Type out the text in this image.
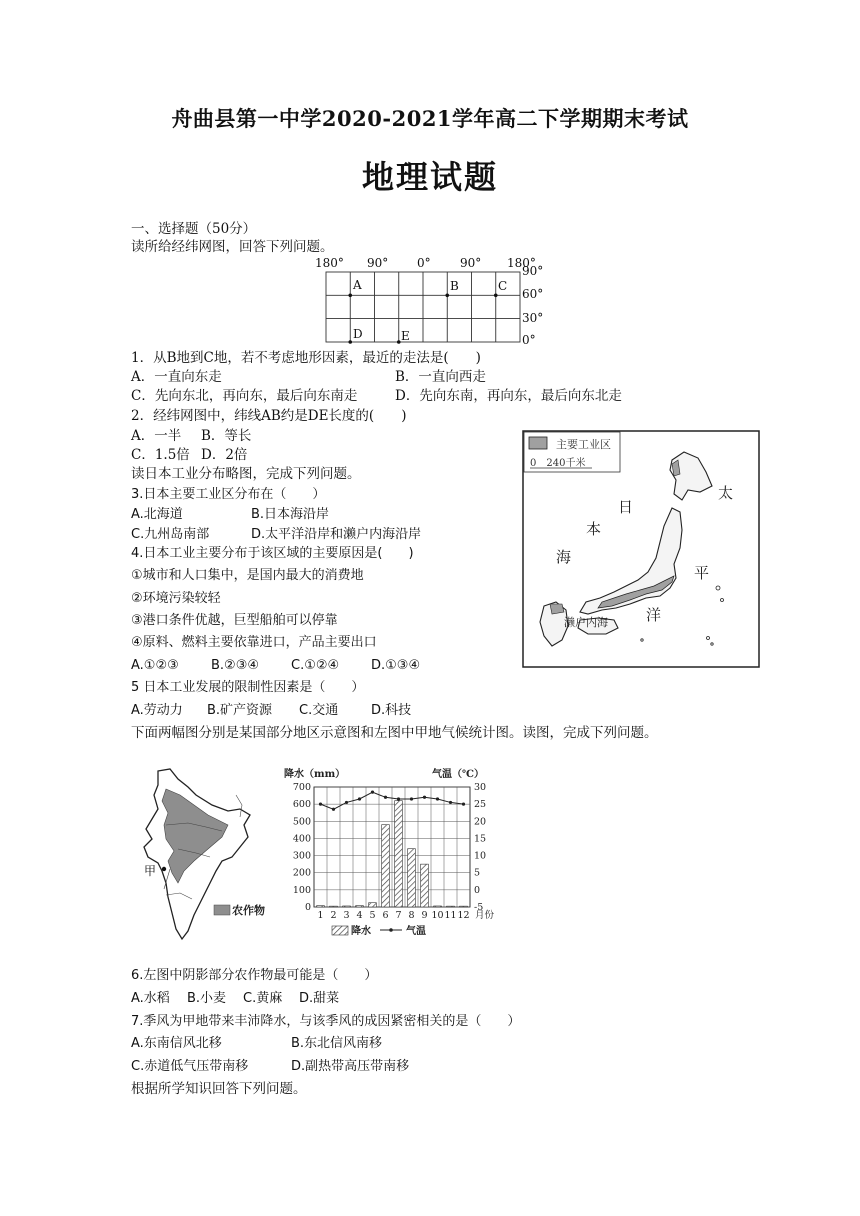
舟曲县第一中学2020-2021学年高二下学期期末考试
地理试题
一、选择题（50分）
读所给经纬网图，回答下列问题。
180° 90° 0° 90° 180°
90°
60°
30°
0°
A	B	C
D	E
1．从B地到C地，若不考虑地形因素，最近的走法是(　　)
A．一直向东走	B．一直向西走
C．先向东北，再向东，最后向东南走	D．先向东南，再向东，最后向东北走
2．经纬网图中，纬线AB约是DE长度的(　　)
A．一半 B．等长
C．1.5倍 D．2倍
读日本工业分布略图，完成下列问题。
3.日本主要工业区分布在（　　）
A.北海道	B.日本海沿岸
C.九州岛南部	D.太平洋沿岸和濑户内海沿岸
4.日本工业主要分布于该区域的主要原因是(　　)
①城市和人口集中，是国内最大的消费地
②环境污染较轻
③港口条件优越，巨型船舶可以停靠
④原料、燃料主要依靠进口，产品主要出口
A.①②③ B.②③④ C.①②④ D.①③④
5 日本工业发展的限制性因素是（　　）
A.劳动力 B.矿产资源 C.交通	D.科技
主要工业区
0　240千米
日
本
海
太
平
洋
濑户内海
下面两幅图分别是某国部分地区示意图和左图中甲地气候统计图。读图，完成下列问题。
甲
农作物
降水（mm）	气温（℃）
700
600
500
400
300
200
100
0
30
25
20
15
10
5
0
-5
1 2 3 4 5 6 7 8 9 10 11 12 月份
降水	气温
6.左图中阴影部分农作物最可能是（　　）
A.水稻 B.小麦 C.黄麻 D.甜菜
7.季风为甲地带来丰沛降水，与该季风的成因紧密相关的是（　　）
A.东南信风北移	B.东北信风南移
C.赤道低气压带南移	D.副热带高压带南移
根据所学知识回答下列问题。
